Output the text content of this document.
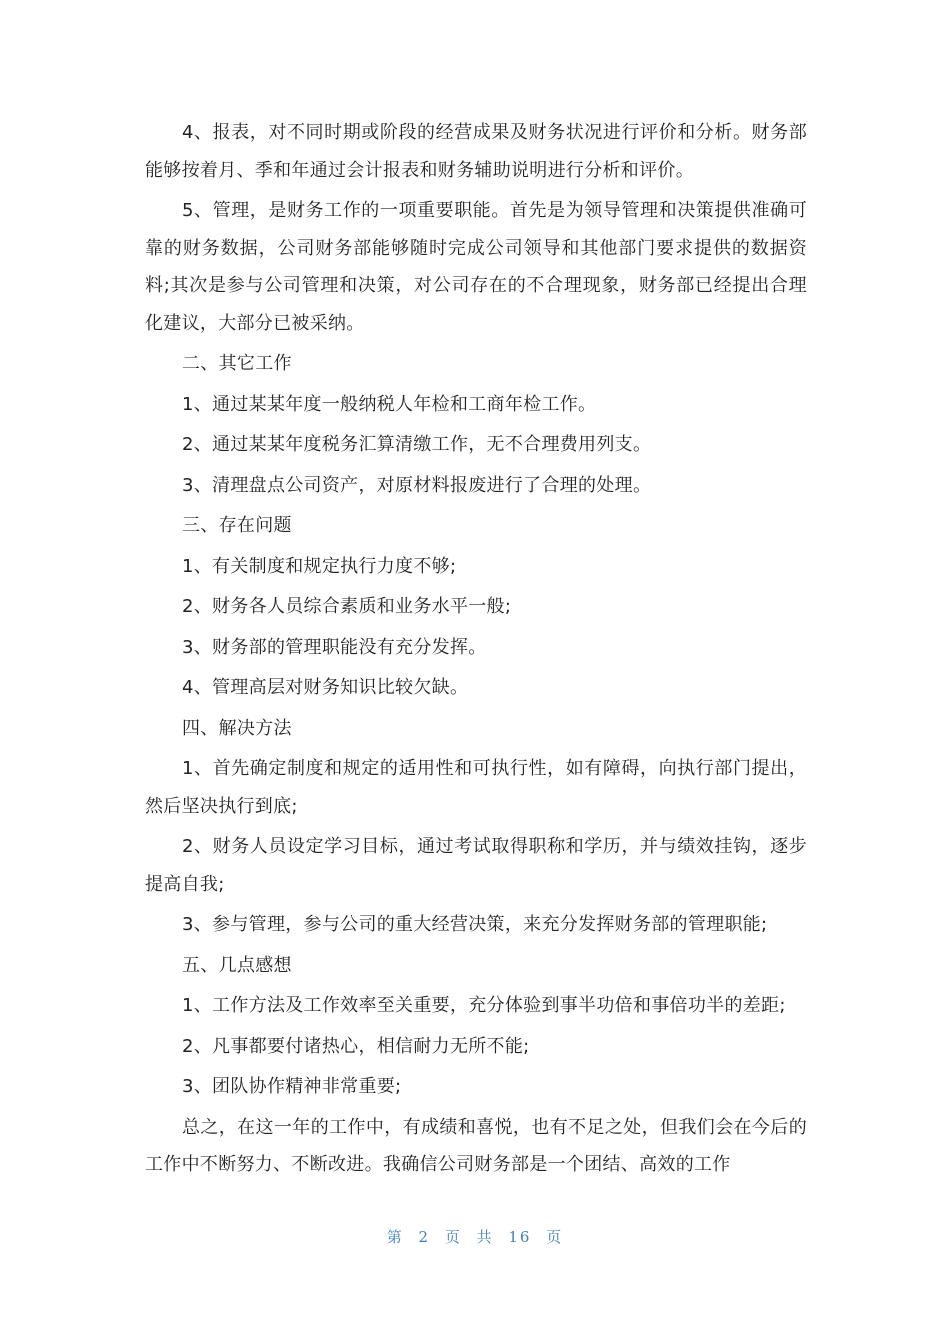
4、报表，对不同时期或阶段的经营成果及财务状况进行评价和分析。财务部能够按着月、季和年通过会计报表和财务辅助说明进行分析和评价。

5、管理，是财务工作的一项重要职能。首先是为领导管理和决策提供准确可靠的财务数据，公司财务部能够随时完成公司领导和其他部门要求提供的数据资料;其次是参与公司管理和决策，对公司存在的不合理现象，财务部已经提出合理化建议，大部分已被采纳。

二、其它工作

1、通过某某年度一般纳税人年检和工商年检工作。

2、通过某某年度税务汇算清缴工作，无不合理费用列支。

3、清理盘点公司资产，对原材料报废进行了合理的处理。

三、存在问题

1、有关制度和规定执行力度不够;

2、财务各人员综合素质和业务水平一般;

3、财务部的管理职能没有充分发挥。

4、管理高层对财务知识比较欠缺。

四、解决方法

1、首先确定制度和规定的适用性和可执行性，如有障碍，向执行部门提出，然后坚决执行到底;

2、财务人员设定学习目标，通过考试取得职称和学历，并与绩效挂钩，逐步提高自我;

3、参与管理，参与公司的重大经营决策，来充分发挥财务部的管理职能;

五、几点感想

1、工作方法及工作效率至关重要，充分体验到事半功倍和事倍功半的差距;

2、凡事都要付诸热心，相信耐力无所不能;

3、团队协作精神非常重要;

总之，在这一年的工作中，有成绩和喜悦，也有不足之处，但我们会在今后的工作中不断努力、不断改进。我确信公司财务部是一个团结、高效的工作

第 2 页 共 16 页
